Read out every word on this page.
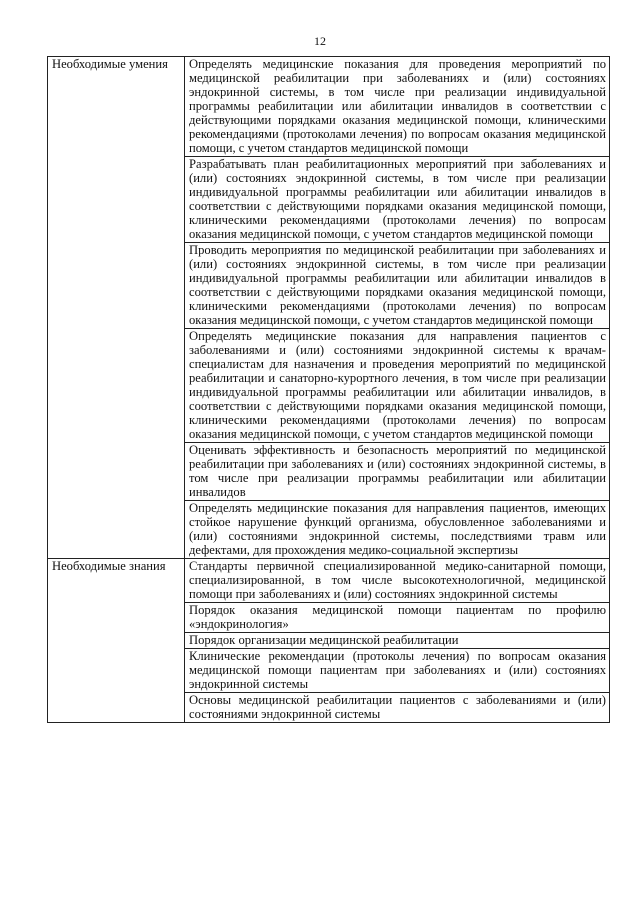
12
Необходимые умения	Определять медицинские показания для проведения мероприятий по медицинской реабилитации при заболеваниях и (или) состояниях эндокринной системы, в том числе при реализации индивидуальной программы реабилитации или абилитации инвалидов в соответствии с действующими порядками оказания медицинской помощи, клиническими рекомендациями (протоколами лечения) по вопросам оказания медицинской помощи, с учетом стандартов медицинской помощи
	Разрабатывать план реабилитационных мероприятий при заболеваниях и (или) состояниях эндокринной системы, в том числе при реализации индивидуальной программы реабилитации или абилитации инвалидов в соответствии с действующими порядками оказания медицинской помощи, клиническими рекомендациями (протоколами лечения) по вопросам оказания медицинской помощи, с учетом стандартов медицинской помощи
	Проводить мероприятия по медицинской реабилитации при заболеваниях и (или) состояниях эндокринной системы, в том числе при реализации индивидуальной программы реабилитации или абилитации инвалидов в соответствии с действующими порядками оказания медицинской помощи, клиническими рекомендациями (протоколами лечения) по вопросам оказания медицинской помощи, с учетом стандартов медицинской помощи
	Определять медицинские показания для направления пациентов с заболеваниями и (или) состояниями эндокринной системы к врачам-специалистам для назначения и проведения мероприятий по медицинской реабилитации и санаторно-курортного лечения, в том числе при реализации индивидуальной программы реабилитации или абилитации инвалидов, в соответствии с действующими порядками оказания медицинской помощи, клиническими рекомендациями (протоколами лечения) по вопросам оказания медицинской помощи, с учетом стандартов медицинской помощи
	Оценивать эффективность и безопасность мероприятий по медицинской реабилитации при заболеваниях и (или) состояниях эндокринной системы, в том числе при реализации программы реабилитации или абилитации инвалидов
	Определять медицинские показания для направления пациентов, имеющих стойкое нарушение функций организма, обусловленное заболеваниями и (или) состояниями эндокринной системы, последствиями травм или дефектами, для прохождения медико-социальной экспертизы
Необходимые знания	Стандарты первичной специализированной медико-санитарной помощи, специализированной, в том числе высокотехнологичной, медицинской помощи при заболеваниях и (или) состояниях эндокринной системы
	Порядок оказания медицинской помощи пациентам по профилю «эндокринология»
	Порядок организации медицинской реабилитации
	Клинические рекомендации (протоколы лечения) по вопросам оказания медицинской помощи пациентам при заболеваниях и (или) состояниях эндокринной системы
	Основы медицинской реабилитации пациентов с заболеваниями и (или) состояниями эндокринной системы
